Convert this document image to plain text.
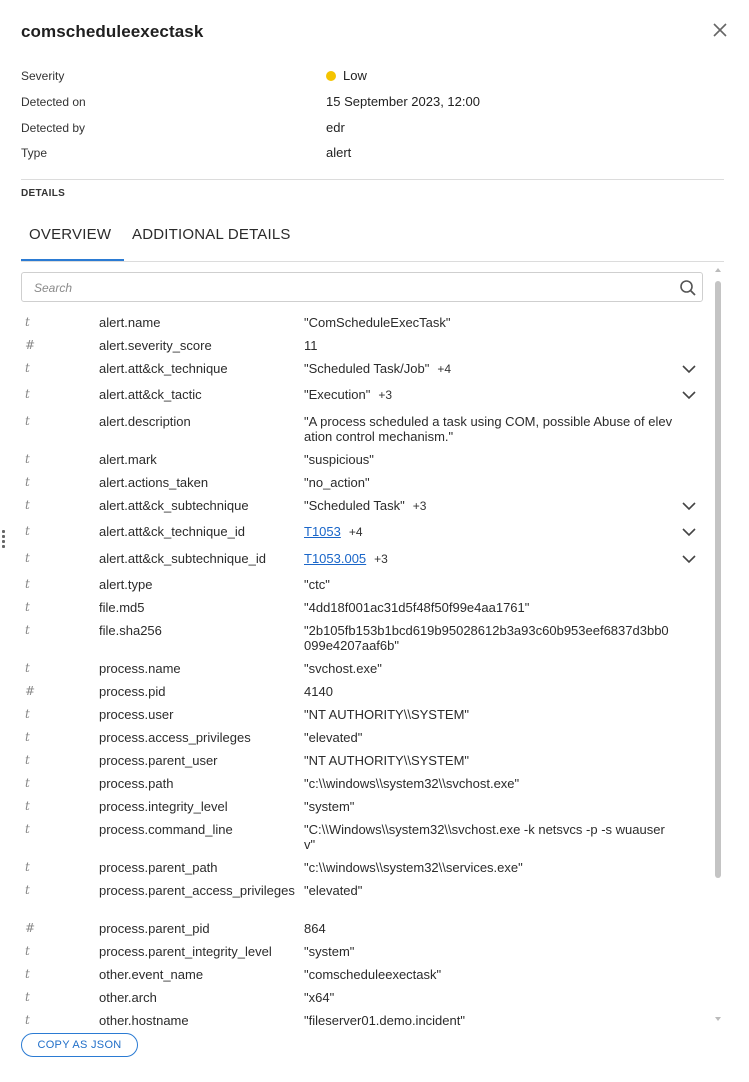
comscheduleexectask
Severity	Low
Detected on	15 September 2023, 12:00
Detected by	edr
Type	alert
DETAILS
OVERVIEW ADDITIONAL DETAILS
Search
t	alert.name	"ComScheduleExecTask"
#	alert.severity_score	11
t	alert.att&ck_technique	"Scheduled Task/Job" +4
t	alert.att&ck_tactic	"Execution" +3
t	alert.description	"A process scheduled a task using COM, possible Abuse of elevation control mechanism."
t	alert.mark	"suspicious"
t	alert.actions_taken	"no_action"
t	alert.att&ck_subtechnique	"Scheduled Task" +3
t	alert.att&ck_technique_id	T1053 +4
t	alert.att&ck_subtechnique_id	T1053.005 +3
t	alert.type	"ctc"
t	file.md5	"4dd18f001ac31d5f48f50f99e4aa1761"
t	file.sha256	"2b105fb153b1bcd619b95028612b3a93c60b953eef6837d3bb0099e4207aaf6b"
t	process.name	"svchost.exe"
#	process.pid	4140
t	process.user	"NT AUTHORITY\\SYSTEM"
t	process.access_privileges	"elevated"
t	process.parent_user	"NT AUTHORITY\\SYSTEM"
t	process.path	"c:\\windows\\system32\\svchost.exe"
t	process.integrity_level	"system"
t	process.command_line	"C:\\Windows\\system32\\svchost.exe -k netsvcs -p -s wuauserv"
t	process.parent_path	"c:\\windows\\system32\\services.exe"
t	process.parent_access_privileges "elevated"
#	process.parent_pid	864
t	process.parent_integrity_level	"system"
t	other.event_name	"comscheduleexectask"
t	other.arch	"x64"
t	other.hostname	"fileserver01.demo.incident"
COPY AS JSON
